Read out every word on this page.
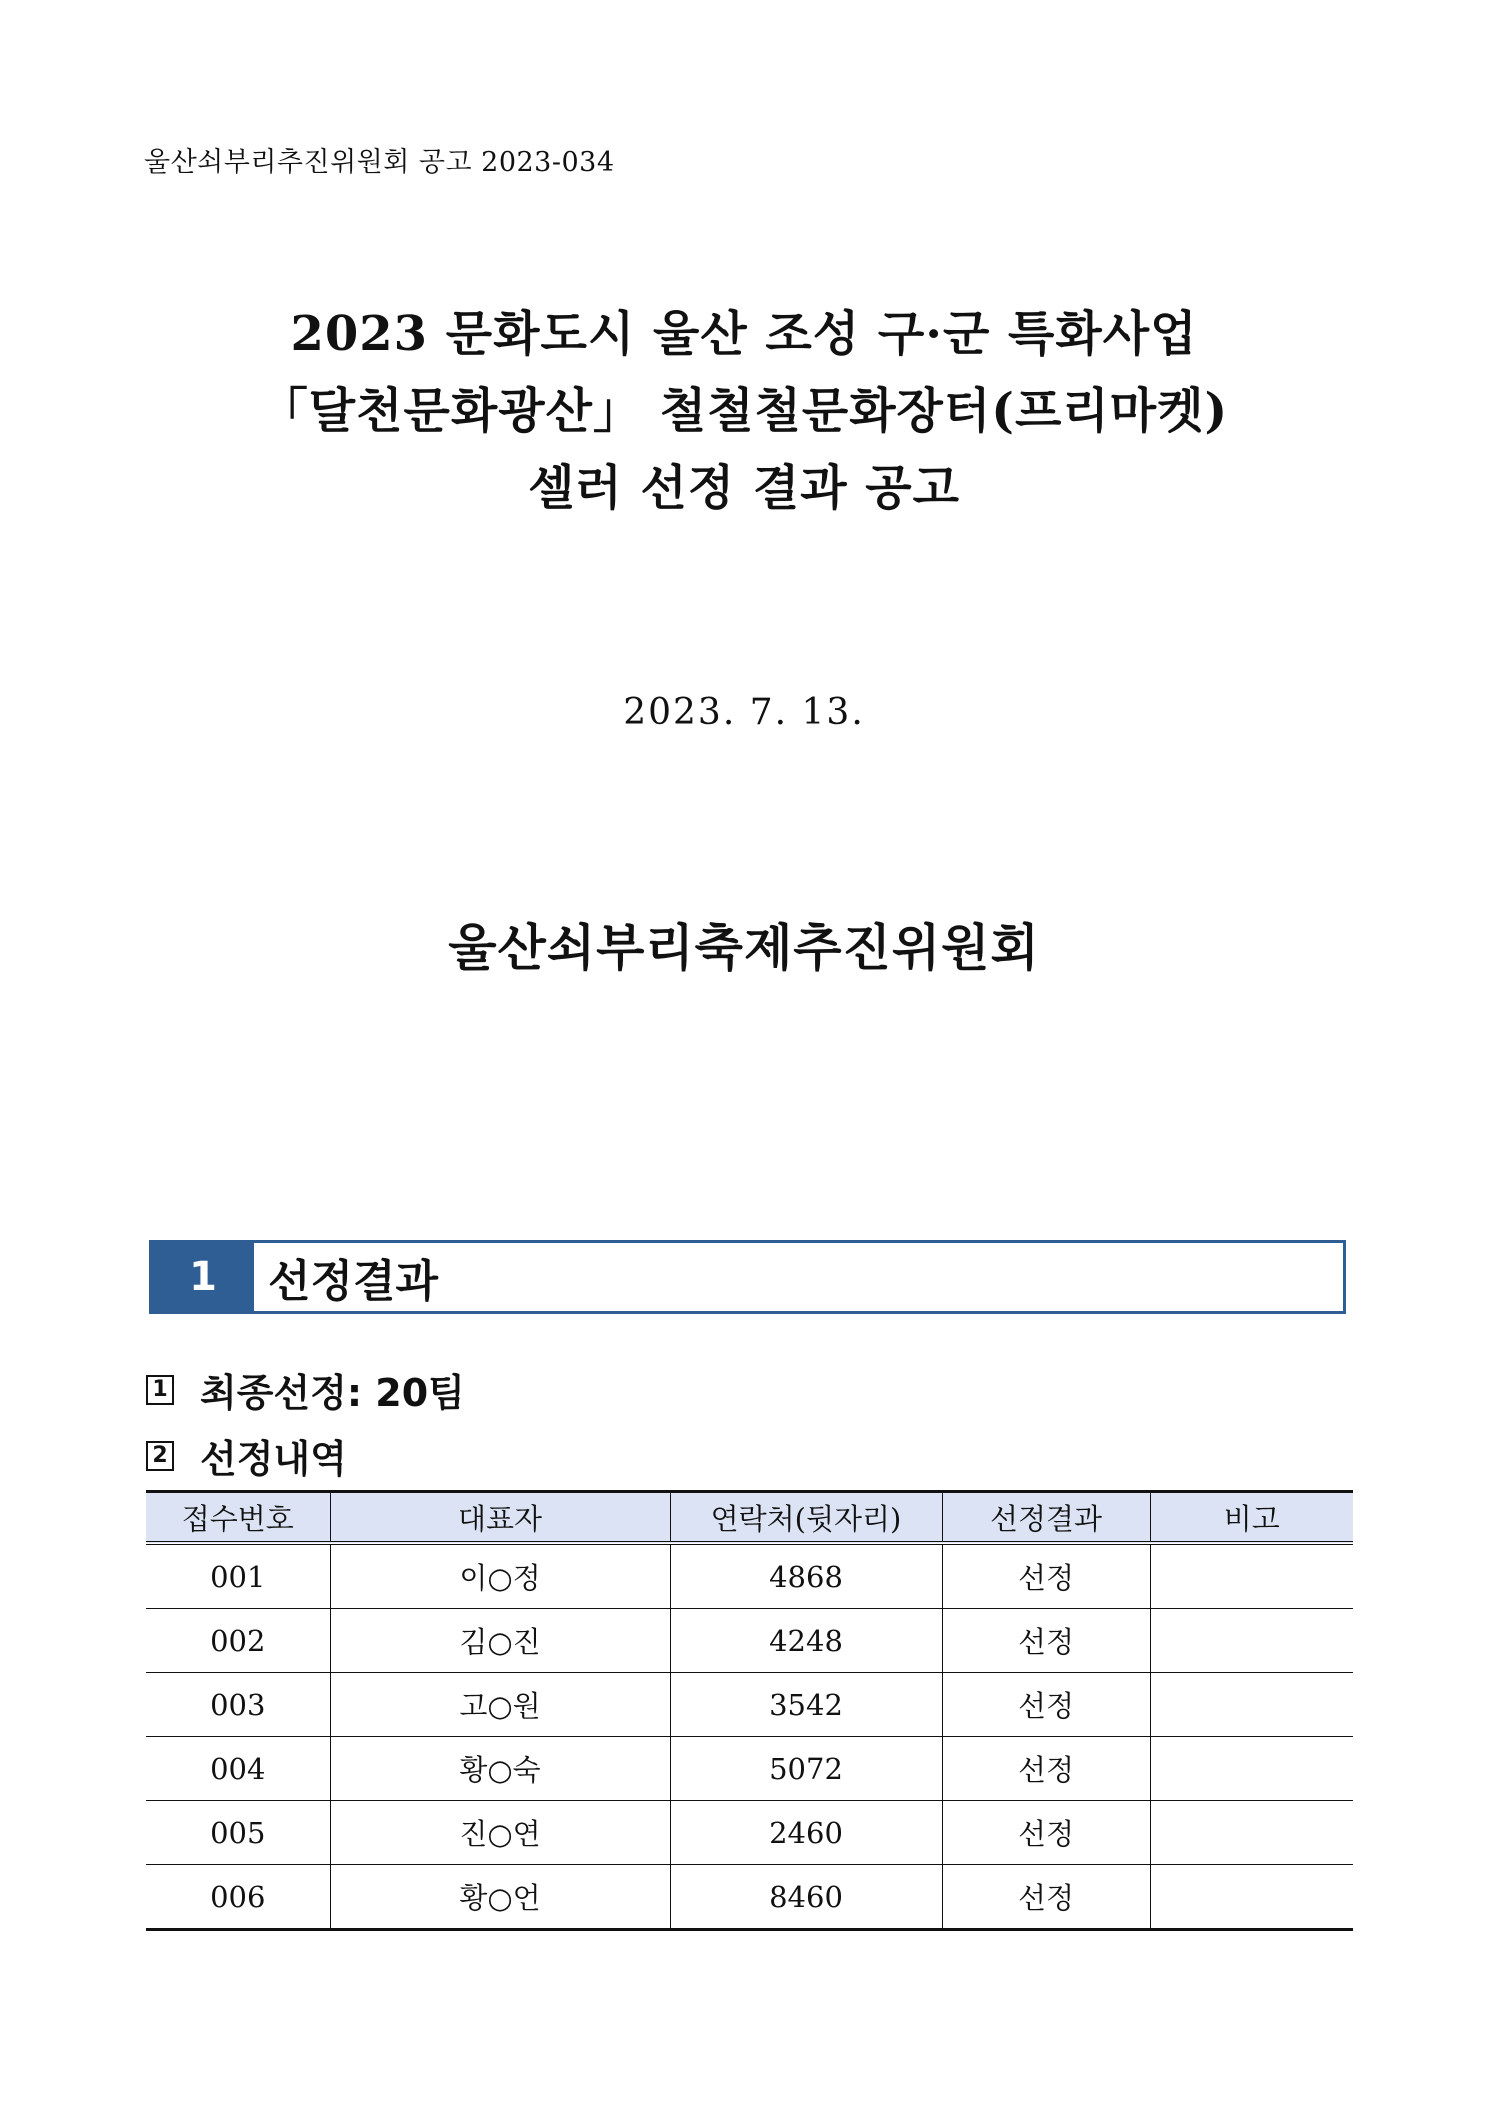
울산쇠부리추진위원회 공고 2023-034
2023 문화도시 울산 조성 구·군 특화사업
「달천문화광산」 철철철문화장터(프리마켓)
셀러 선정 결과 공고
2023. 7. 13.
울산쇠부리축제추진위원회
1	선정결과
1 최종선정: 20팀
2 선정내역
접수번호	대표자	연락처(뒷자리)	선정결과	비고
001	이○정	4868	선정	
002	김○진	4248	선정	
003	고○원	3542	선정	
004	황○숙	5072	선정	
005	진○연	2460	선정	
006	황○언	8460	선정	
